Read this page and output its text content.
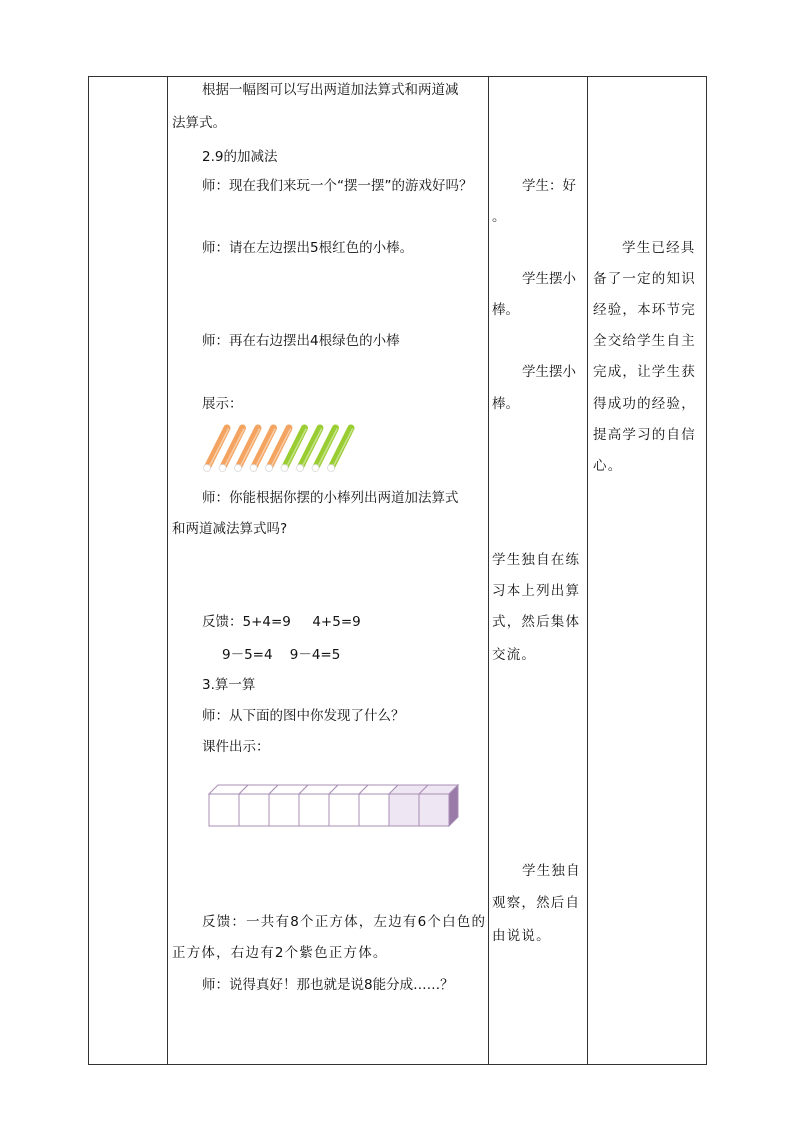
根据一幅图可以写出两道加法算式和两道减
法算式。
2.9的加减法
师：现在我们来玩一个“摆一摆”的游戏好吗？
师：请在左边摆出5根红色的小棒。
师：再在右边摆出4根绿色的小棒
展示：
师：你能根据你摆的小棒列出两道加法算式
和两道减法算式吗?
反馈：5+4=9     4+5=9
9－5=4    9－4=5
3.算一算
师：从下面的图中你发现了什么？
课件出示：
反馈：一共有8个正方体，左边有6个白色的
正方体，右边有2个紫色正方体。
师：说得真好！那也就是说8能分成……？
学生：好
。
学生摆小
棒。
学生摆小
棒。
学生独自在练
习本上列出算
式，然后集体
交流。
学生独自
观察，然后自
由说说。
学生已经具
备了一定的知识
经验，本环节完
全交给学生自主
完成，让学生获
得成功的经验，
提高学习的自信
心。
